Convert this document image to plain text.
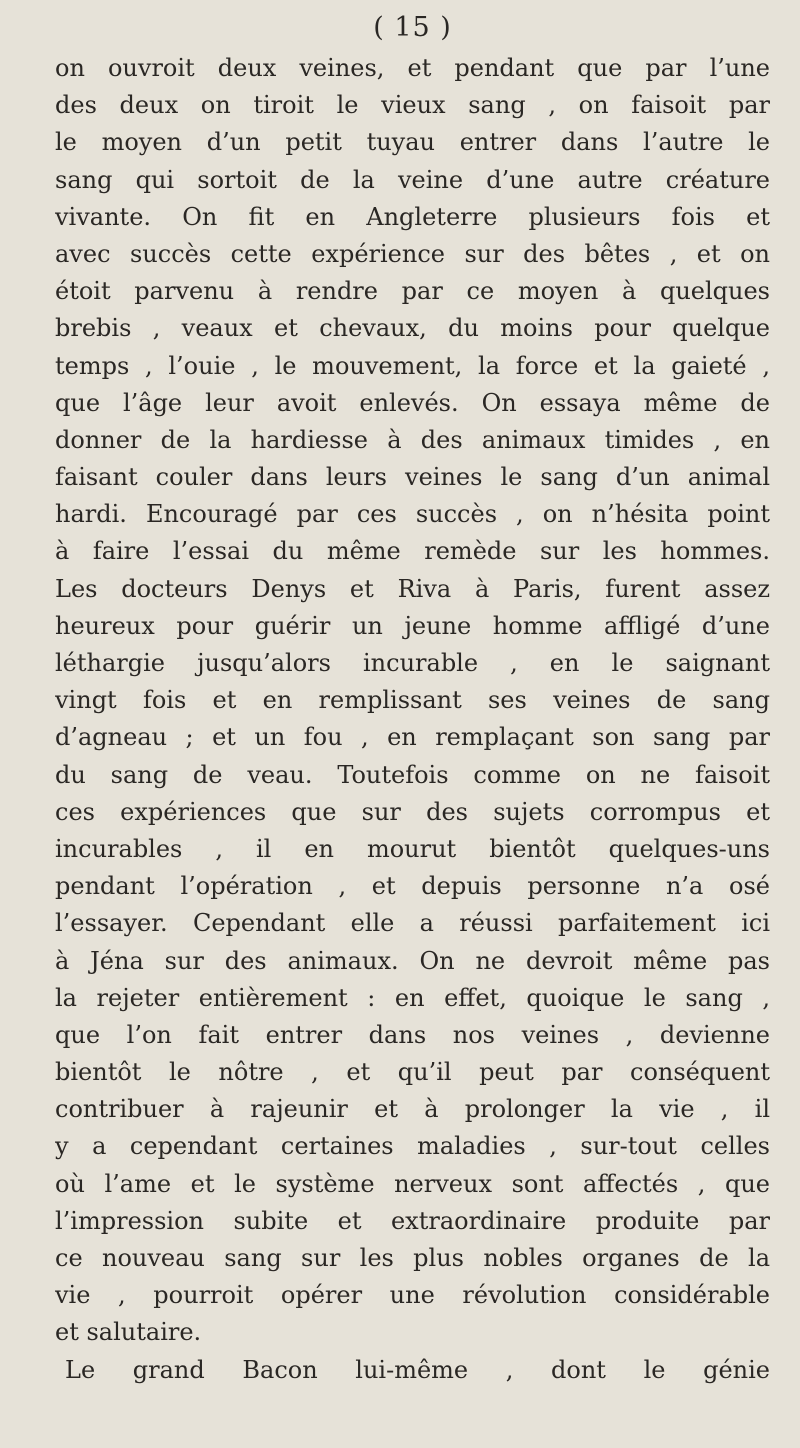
( 15 )
on ouvroit deux veines, et pendant que par l’une
des deux on tiroit le vieux sang , on faisoit par
le moyen d’un petit tuyau entrer dans l’autre le
sang qui sortoit de la veine d’une autre créature
vivante. On fit en Angleterre plusieurs fois et
avec succès cette expérience sur des bêtes , et on
étoit parvenu à rendre par ce moyen à quelques
brebis , veaux et chevaux, du moins pour quelque
temps , l’ouie , le mouvement, la force et la gaieté ,
que l’âge leur avoit enlevés. On essaya même de
donner de la hardiesse à des animaux timides , en
faisant couler dans leurs veines le sang d’un animal
hardi. Encouragé par ces succès , on n’hésita point
à faire l’essai du même remède sur les hommes.
Les docteurs Denys et Riva à Paris, furent assez
heureux pour guérir un jeune homme affligé d’une
léthargie jusqu’alors incurable , en le saignant
vingt fois et en remplissant ses veines de sang
d’agneau ; et un fou , en remplaçant son sang par
du sang de veau. Toutefois comme on ne faisoit
ces expériences que sur des sujets corrompus et
incurables , il en mourut bientôt quelques-uns
pendant l’opération , et depuis personne n’a osé
l’essayer. Cependant elle a réussi parfaitement ici
à Jéna sur des animaux. On ne devroit même pas
la rejeter entièrement : en effet, quoique le sang ,
que l’on fait entrer dans nos veines , devienne
bientôt le nôtre , et qu’il peut par conséquent
contribuer à rajeunir et à prolonger la vie , il
y a cependant certaines maladies , sur-tout celles
où l’ame et le système nerveux sont affectés , que
l’impression subite et extraordinaire produite par
ce nouveau sang sur les plus nobles organes de la
vie , pourroit opérer une révolution considérable
et salutaire.
Le grand Bacon lui-même , dont le génie
